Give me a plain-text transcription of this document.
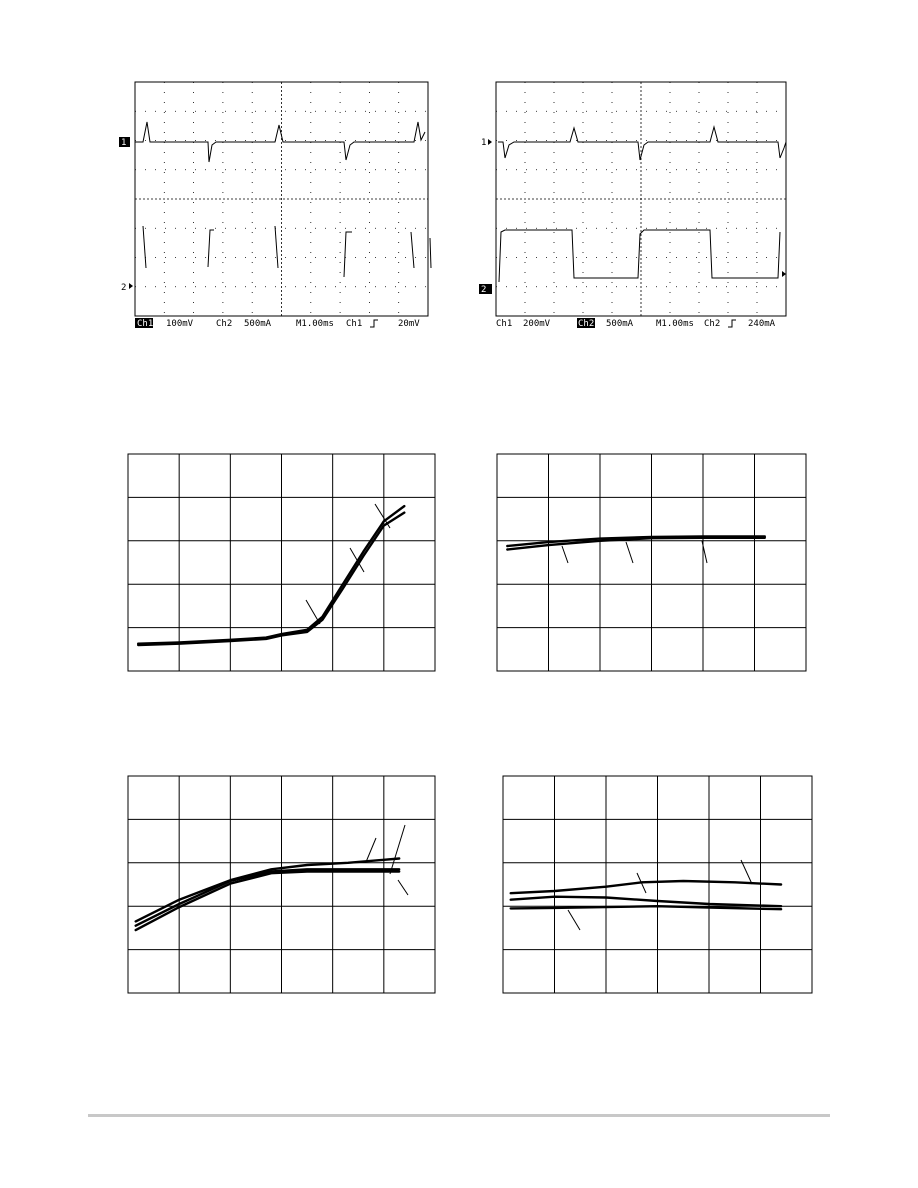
1
2
Ch1 100mV	Ch2 500mA	M1.00ms Ch1	20mV
1
2
Ch1 200mV	Ch2 500mA	M1.00ms Ch2	240mA
